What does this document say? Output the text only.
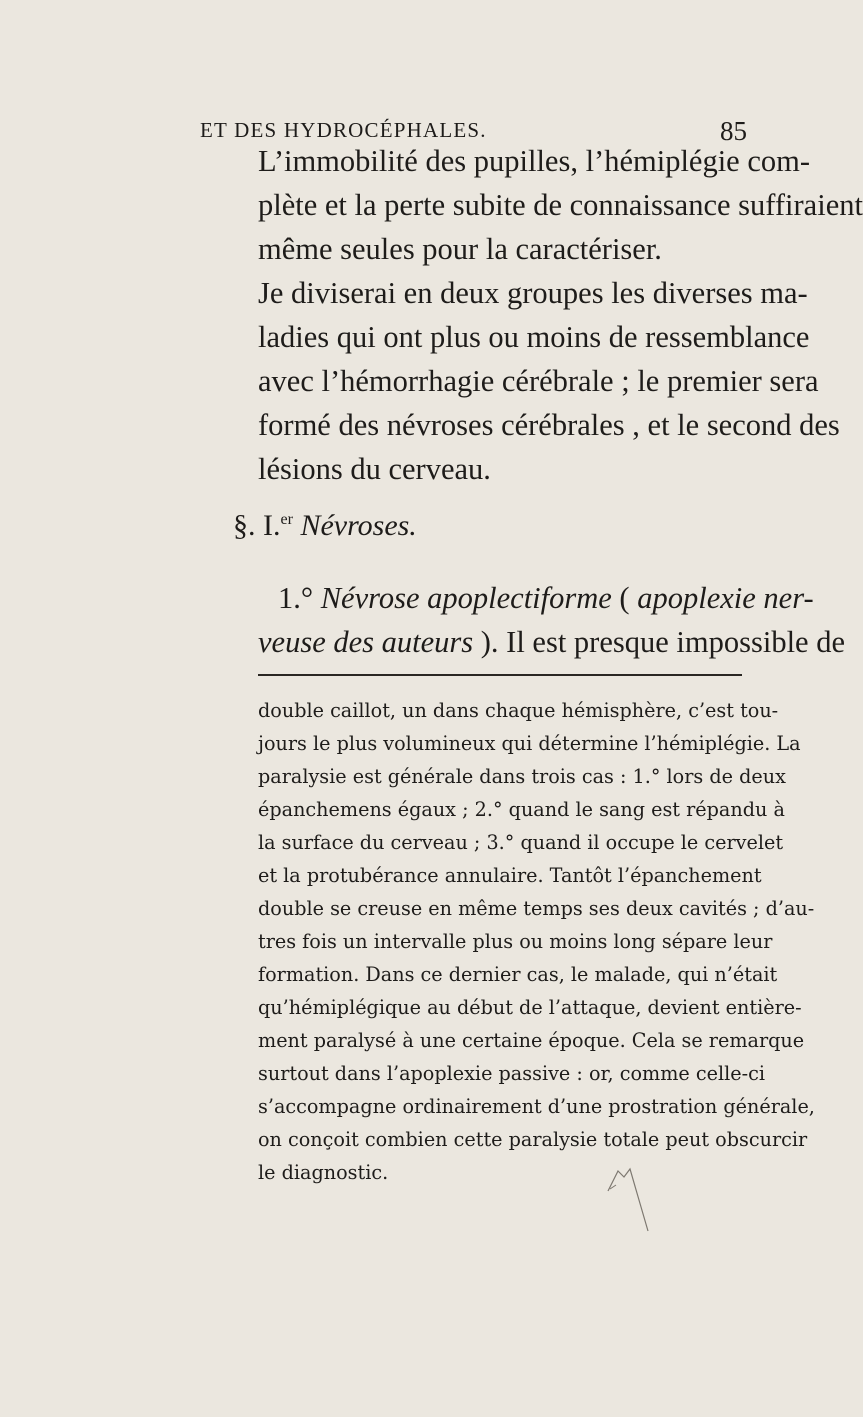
ET DES HYDROCÉPHALES.	85
L’immobilité des pupilles, l’hémiplégie com-
plète et la perte subite de connaissance suffiraient
même seules pour la caractériser.
Je diviserai en deux groupes les diverses ma-
ladies qui ont plus ou moins de ressemblance
avec l’hémorrhagie cérébrale ; le premier sera
formé des névroses cérébrales , et le second des
lésions du cerveau.
§. I.$^{er}$ Névroses.
1.° Névrose apoplectiforme ( apoplexie ner-
veuse des auteurs ). Il est presque impossible de
double caillot, un dans chaque hémisphère, c’est tou-
jours le plus volumineux qui détermine l’hémiplégie. La
paralysie est générale dans trois cas : 1.° lors de deux
épanchemens égaux ; 2.° quand le sang est répandu à
la surface du cerveau ; 3.° quand il occupe le cervelet
et la protubérance annulaire. Tantôt l’épanchement
double se creuse en même temps ses deux cavités ; d’au-
tres fois un intervalle plus ou moins long sépare leur
formation. Dans ce dernier cas, le malade, qui n’était
qu’hémiplégique au début de l’attaque, devient entière-
ment paralysé à une certaine époque. Cela se remarque
surtout dans l’apoplexie passive : or, comme celle-ci
s’accompagne ordinairement d’une prostration générale,
on conçoit combien cette paralysie totale peut obscurcir
le diagnostic.
